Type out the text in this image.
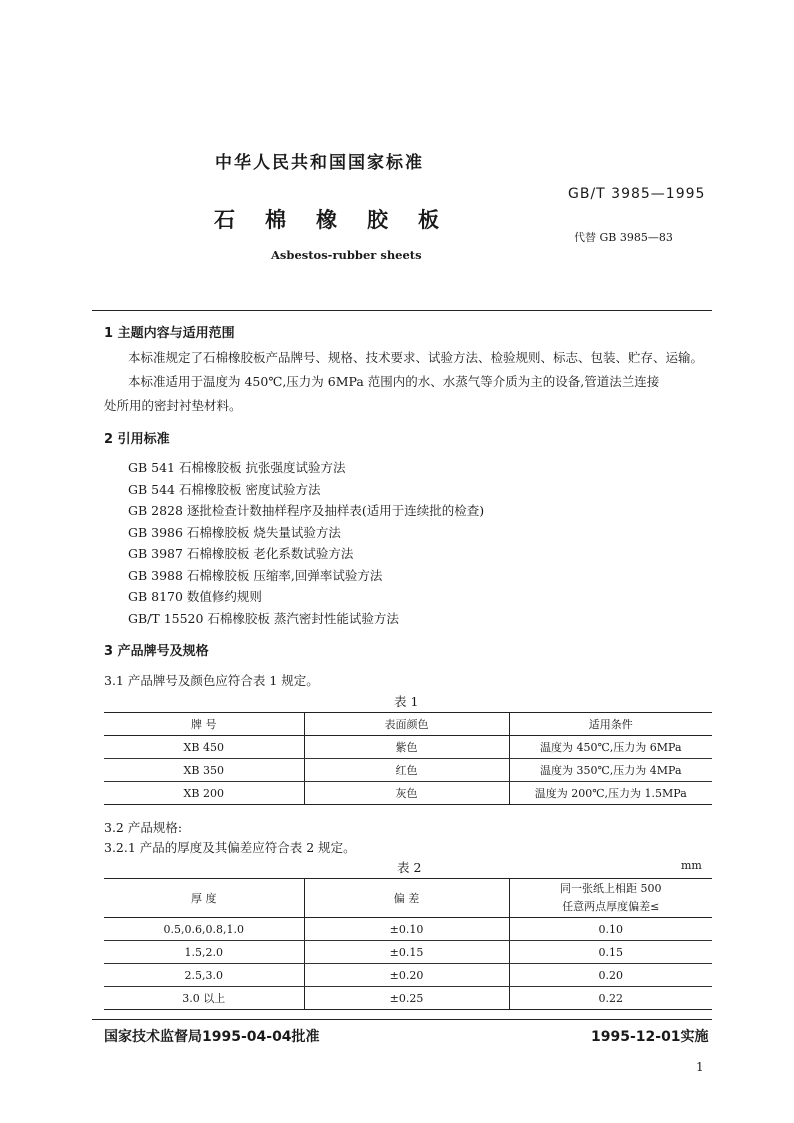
中华人民共和国国家标准
GB/T 3985—1995
石棉橡胶板
代替 GB 3985—83
Asbestos-rubber sheets
1 主题内容与适用范围
本标准规定了石棉橡胶板产品牌号、规格、技术要求、试验方法、检验规则、标志、包装、贮存、运输。
本标准适用于温度为 450℃,压力为 6MPa 范围内的水、水蒸气等介质为主的设备,管道法兰连接
处所用的密封衬垫材料。
2 引用标准
GB 541 石棉橡胶板 抗张强度试验方法
GB 544 石棉橡胶板 密度试验方法
GB 2828 逐批检查计数抽样程序及抽样表(适用于连续批的检查)
GB 3986 石棉橡胶板 烧失量试验方法
GB 3987 石棉橡胶板 老化系数试验方法
GB 3988 石棉橡胶板 压缩率,回弹率试验方法
GB 8170 数值修约规则
GB/T 15520 石棉橡胶板 蒸汽密封性能试验方法
3 产品牌号及规格
3.1 产品牌号及颜色应符合表 1 规定。
表 1
牌 号	表面颜色	适用条件
XB 450	紫色	温度为 450℃,压力为 6MPa
XB 350	红色	温度为 350℃,压力为 4MPa
XB 200	灰色	温度为 200℃,压力为 1.5MPa
3.2 产品规格:
3.2.1 产品的厚度及其偏差应符合表 2 规定。
表 2	mm
厚 度	偏 差	同一张纸上相距 500
任意两点厚度偏差≤

0.5,0.6,0.8,1.0	±0.10	0.10
1.5,2.0	±0.15	0.15
2.5,3.0	±0.20	0.20
3.0 以上	±0.25	0.22
国家技术监督局1995-04-04批准	1995-12-01实施
1
